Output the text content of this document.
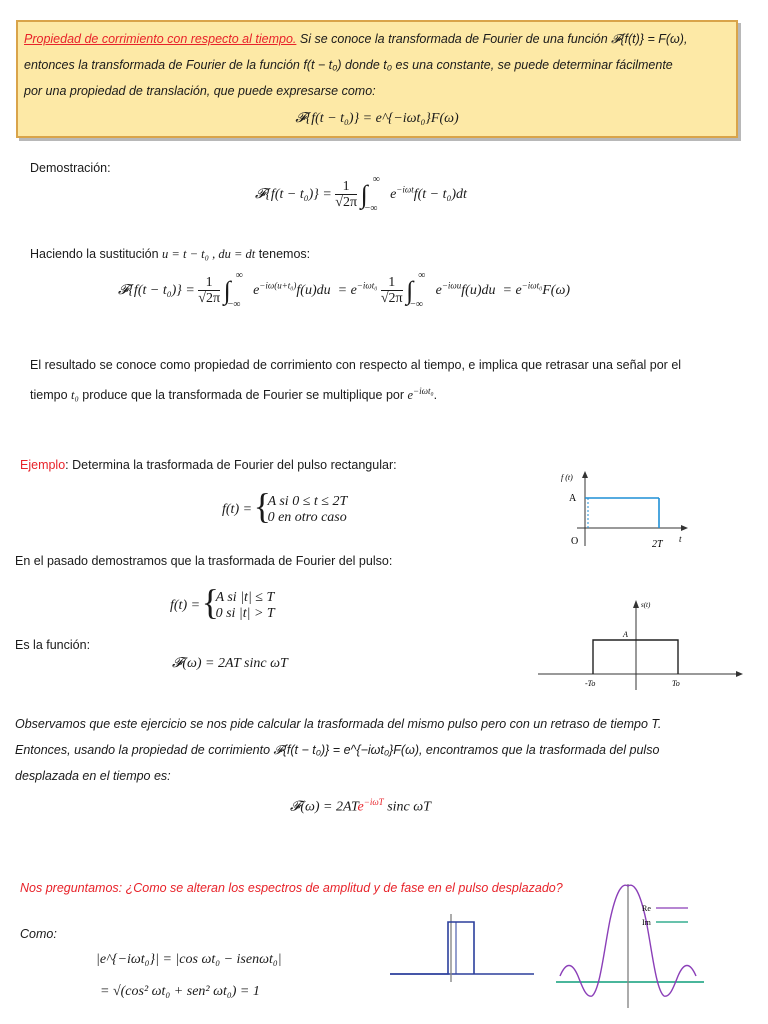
Propiedad de corrimiento con respecto al tiempo. Si se conoce la transformada de Fourier de una función 𝓕{f(t)} = F(ω),
entonces la transformada de Fourier de la función f(t − t₀) donde t₀ es una constante, se puede determinar fácilmente
por una propiedad de translación, que puede expresarse como:
𝓕{f(t − t₀)} = e^{−iωt₀}F(ω)
Demostración:
𝓕{f(t − $t_0)\} = \frac{1}{√2\pi}$ ∫
∞
−∞
$e^{-i\omega t}f(t - t_0)dt$
Haciendo la sustitución u = t − t₀ , du = dt tenemos:
𝓕{f(t − $t_0)\} = \frac{1}{√2\pi}$ ∫
∞
−∞
$e^{-i\omega(u+t_0)}f(u)du = e^{-i\omega t_0} \frac{1}{√2\pi}$ ∫
∞
−∞
$e^{-i\omega u}f(u)du = e^{-i\omega t_0}F(\omega)$
El resultado se conoce como propiedad de corrimiento con respecto al tiempo, e implica que retrasar una señal por el
tiempo t₀ produce que la transformada de Fourier se multiplique por $e^{-i\omega t_0}$.
Ejemplo: Determina la trasformada de Fourier del pulso rectangular:
f(t) =
{ A si 0 ≤ t ≤ 2T
0 en otro caso
f (t)
A
O	2T t
En el pasado demostramos que la trasformada de Fourier del pulso:
f(t) =
{ A si |t| ≤ T
0 si |t| > T
Es la función:
𝓕(ω) = 2AT sinc ωT
s(t)
A
-To	To
Observamos que este ejercicio se nos pide calcular la trasformada del mismo pulso pero con un retraso de tiempo T.
Entonces, usando la propiedad de corrimiento 𝓕{f(t − t₀)} = e^{−iωt₀}F(ω), encontramos que la trasformada del pulso
desplazada en el tiempo es:
𝓕(ω) = 2ATe$^{-i\omega T}$ sinc ωT
Nos preguntamos: ¿Como se alteran los espectros de amplitud y de fase en el pulso desplazado?
Como:
|e^{−iωt₀}| = |cos ωt₀ − isenωt₀|
= √(cos² ωt₀ + sen² ωt₀) = 1
Re
Im
